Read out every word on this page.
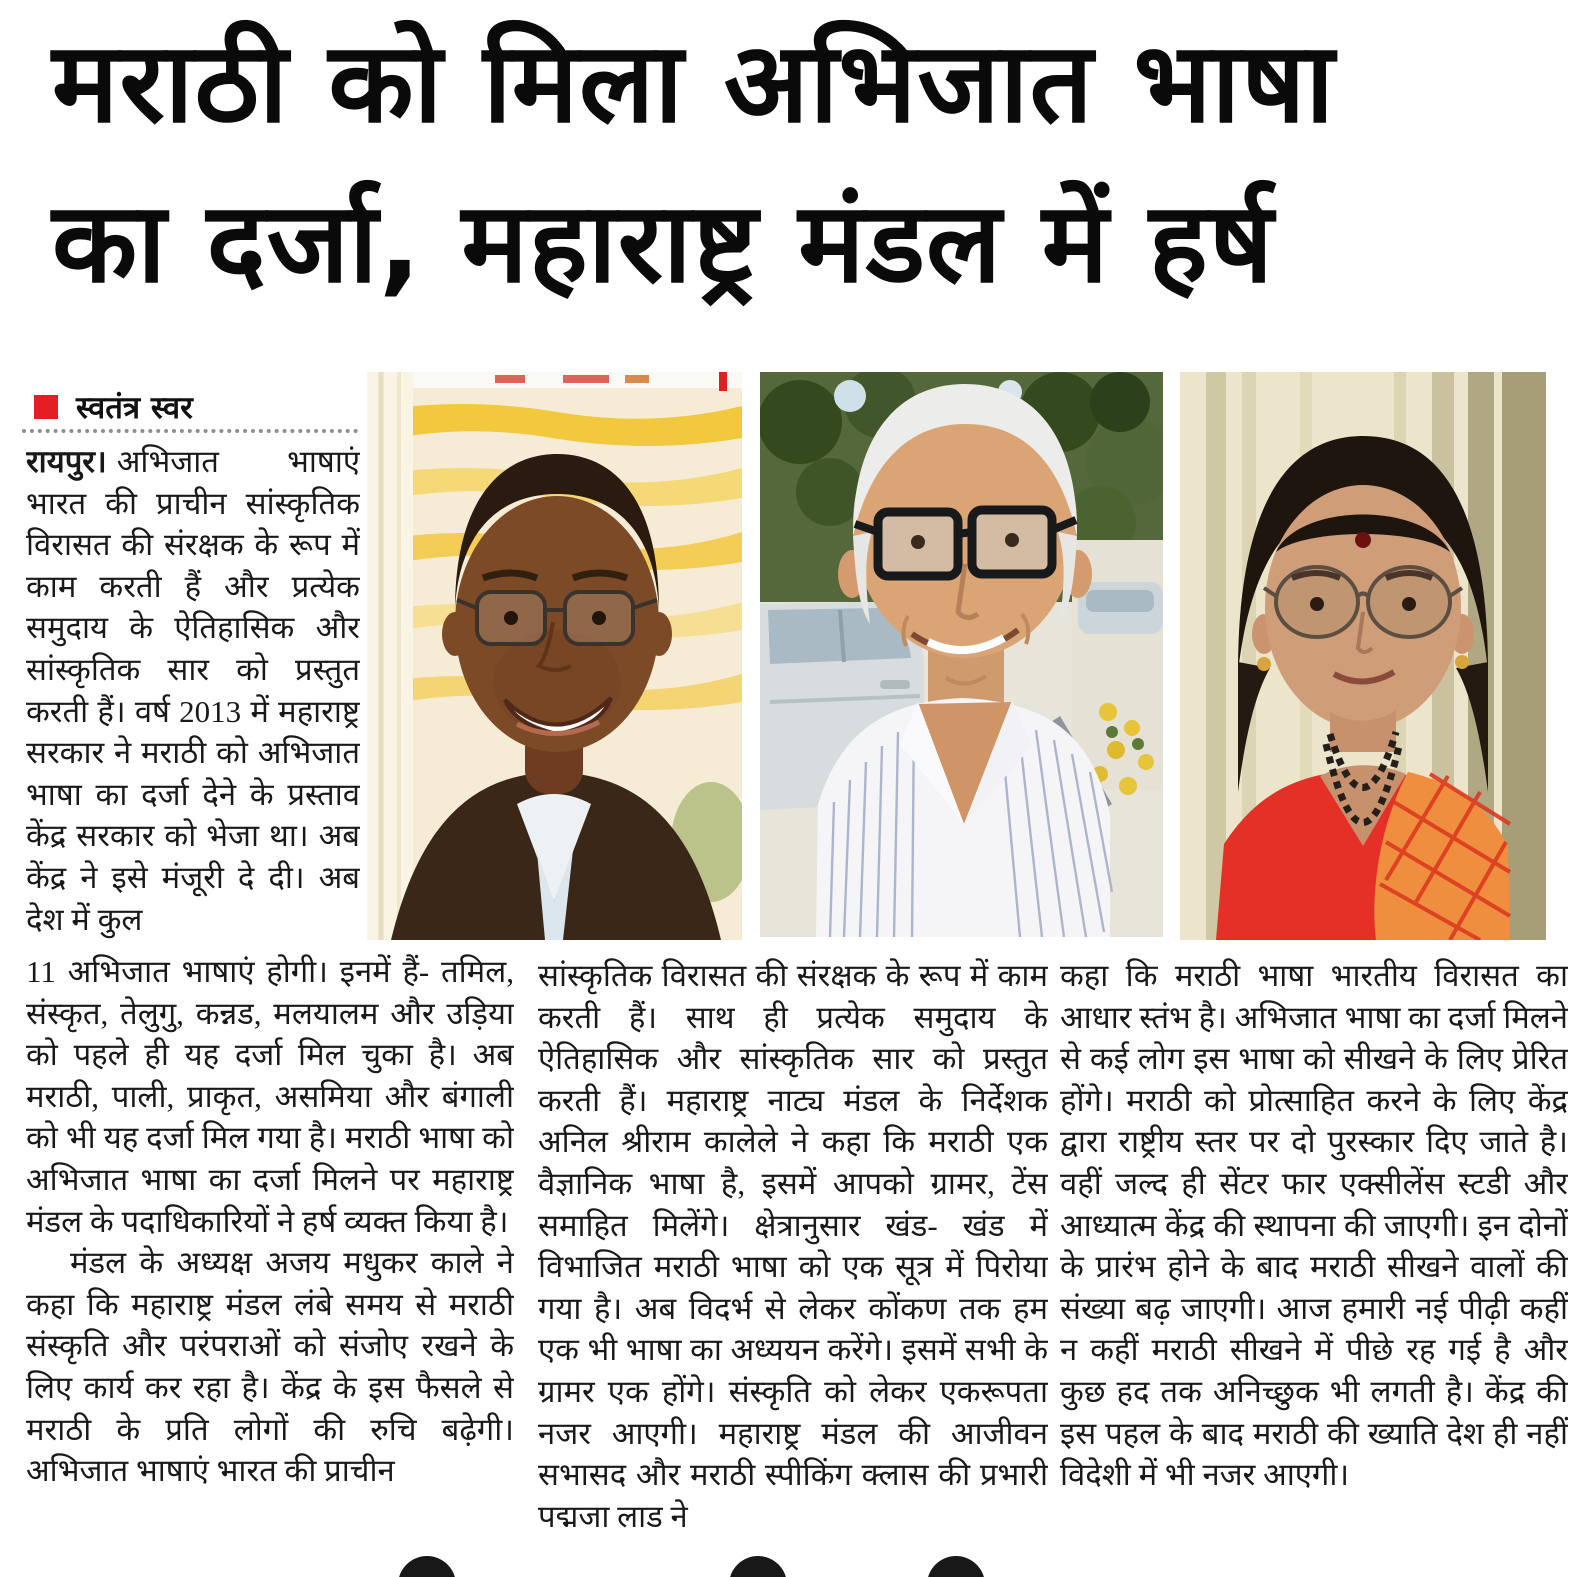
मराठी को मिला अभिजात भाषा
का दर्जा, महाराष्ट्र मंडल में हर्ष
स्वतंत्र स्वर

रायपुर। अभिजात भाषाएं भारत की प्राचीन सांस्कृतिक विरासत की संरक्षक के रूप में काम करती हैं और प्रत्येक समुदाय के ऐतिहासिक और सांस्कृतिक सार को प्रस्तुत करती हैं। वर्ष 2013 में महाराष्ट्र सरकार ने मराठी को अभिजात भाषा का दर्जा देने के प्रस्ताव केंद्र सरकार को भेजा था। अब केंद्र ने इसे मंजूरी दे दी। अब देश में कुल

11 अभिजात भाषाएं होगी। इनमें हैं- तमिल, संस्कृत, तेलुगु, कन्नड, मलयालम और उड़िया को पहले ही यह दर्जा मिल चुका है। अब मराठी, पाली, प्राकृत, असमिया और बंगाली को भी यह दर्जा मिल गया है। मराठी भाषा को अभिजात भाषा का दर्जा मिलने पर महाराष्ट्र मंडल के पदाधिकारियों ने हर्ष व्यक्त किया है।

मंडल के अध्यक्ष अजय मधुकर काले ने कहा कि महाराष्ट्र मंडल लंबे समय से मराठी संस्कृति और परंपराओं को संजोए रखने के लिए कार्य कर रहा है। केंद्र के इस फैसले से मराठी के प्रति लोगों की रुचि बढ़ेगी। अभिजात भाषाएं भारत की प्राचीन

सांस्कृतिक विरासत की संरक्षक के रूप में काम करती हैं। साथ ही प्रत्येक समुदाय के ऐतिहासिक और सांस्कृतिक सार को प्रस्तुत करती हैं। महाराष्ट्र नाट्य मंडल के निर्देशक अनिल श्रीराम कालेले ने कहा कि मराठी एक वैज्ञानिक भाषा है, इसमें आपको ग्रामर, टेंस समाहित मिलेंगे। क्षेत्रानुसार खंड- खंड में विभाजित मराठी भाषा को एक सूत्र में पिरोया गया है। अब विदर्भ से लेकर कोंकण तक हम एक भी भाषा का अध्ययन करेंगे। इसमें सभी के ग्रामर एक होंगे। संस्कृति को लेकर एकरूपता नजर आएगी। महाराष्ट्र मंडल की आजीवन सभासद और मराठी स्पीकिंग क्लास की प्रभारी पद्मजा लाड ने

कहा कि मराठी भाषा भारतीय विरासत का आधार स्तंभ है। अभिजात भाषा का दर्जा मिलने से कई लोग इस भाषा को सीखने के लिए प्रेरित होंगे। मराठी को प्रोत्साहित करने के लिए केंद्र द्वारा राष्ट्रीय स्तर पर दो पुरस्कार दिए जाते है। वहीं जल्द ही सेंटर फार एक्सीलेंस स्टडी और आध्यात्म केंद्र की स्थापना की जाएगी। इन दोनों के प्रारंभ होने के बाद मराठी सीखने वालों की संख्या बढ़ जाएगी। आज हमारी नई पीढ़ी कहीं न कहीं मराठी सीखने में पीछे रह गई है और कुछ हद तक अनिच्छुक भी लगती है। केंद्र की इस पहल के बाद मराठी की ख्याति देश ही नहीं विदेशी में भी नजर आएगी।
